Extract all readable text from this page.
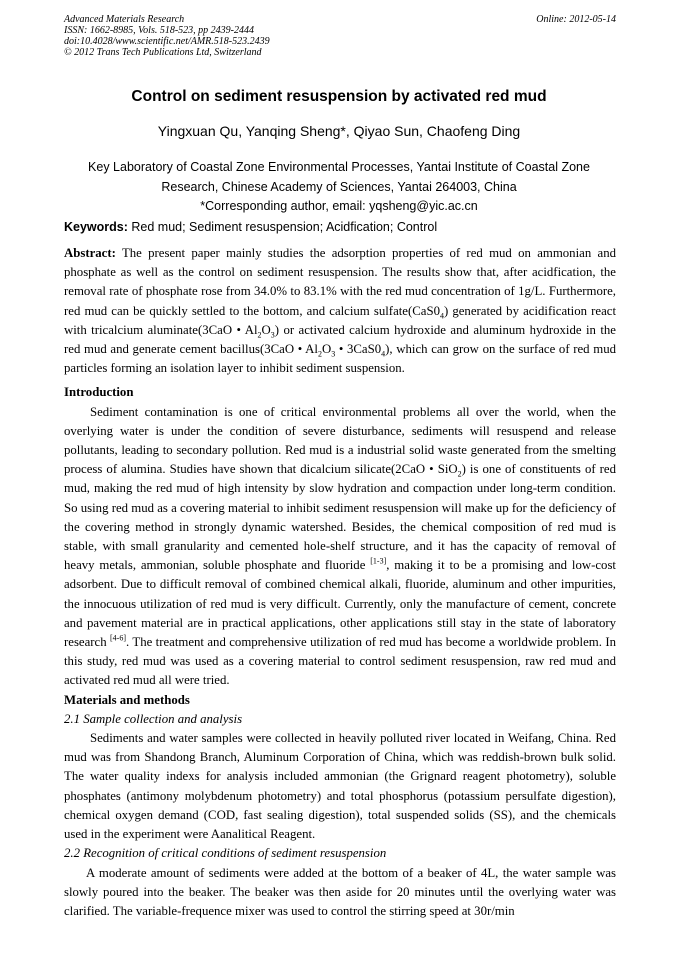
Advanced Materials Research
ISSN: 1662-8985, Vols. 518-523, pp 2439-2444
doi:10.4028/www.scientific.net/AMR.518-523.2439
© 2012 Trans Tech Publications Ltd, Switzerland
Online: 2012-05-14
Control on sediment resuspension by activated red mud
Yingxuan Qu, Yanqing Sheng*, Qiyao Sun, Chaofeng Ding
Key Laboratory of Coastal Zone Environmental Processes, Yantai Institute of Coastal Zone
Research, Chinese Academy of Sciences, Yantai 264003, China
*Corresponding author, email: yqsheng@yic.ac.cn
Keywords: Red mud; Sediment resuspension; Acidfication; Control

Abstract: The present paper mainly studies the adsorption properties of red mud on ammonian and phosphate as well as the control on sediment resuspension. The results show that, after acidfication, the removal rate of phosphate rose from 34.0% to 83.1% with the red mud concentration of 1g/L. Furthermore, red mud can be quickly settled to the bottom, and calcium $sulfate(CaS0_4)$ generated by acidification react with tricalcium aluminate(3CaO • $Al_2O_3$) or activated calcium hydroxide and aluminum hydroxide in the red mud and generate cement bacillus(3CaO • $Al_2O_3$ • $3CaS0_4$), which can grow on the surface of red mud particles forming an isolation layer to inhibit sediment suspension.

Introduction

Sediment contamination is one of critical environmental problems all over the world, when the overlying water is under the condition of severe disturbance, sediments will resuspend and release pollutants, leading to secondary pollution. Red mud is a industrial solid waste generated from the smelting process of alumina. Studies have shown that dicalcium silicate(2CaO • SiO$_2$) is one of constituents of red mud, making the red mud of high intensity by slow hydration and compaction under long-term condition. So using red mud as a covering material to inhibit sediment resuspension will make up for the deficiency of the covering method in strongly dynamic watershed. Besides, the chemical composition of red mud is stable, with small granularity and cemented hole-shelf structure, and it has the capacity of removal of heavy metals, ammonian, soluble phosphate and fluoride [1-3], making it to be a promising and low-cost adsorbent. Due to difficult removal of combined chemical alkali, fluoride, aluminum and other impurities, the innocuous utilization of red mud is very difficult. Currently, only the manufacture of cement, concrete and pavement material are in practical applications, other applications still stay in the state of laboratory research [4-6]. The treatment and comprehensive utilization of red mud has become a worldwide problem. In this study, red mud was used as a covering material to control sediment resuspension, raw red mud and activated red mud all were tried.

Materials and methods

2.1 Sample collection and analysis

Sediments and water samples were collected in heavily polluted river located in Weifang, China. Red mud was from Shandong Branch, Aluminum Corporation of China, which was reddish-brown bulk solid. The water quality indexs for analysis included ammonian (the Grignard reagent photometry), soluble phosphates (antimony molybdenum photometry) and total phosphorus (potassium persulfate digestion), chemical oxygen demand (COD, fast sealing digestion), total suspended solids (SS), and the chemicals used in the experiment were Aanalitical Reagent.

2.2 Recognition of critical conditions of sediment resuspension

A moderate amount of sediments were added at the bottom of a beaker of 4L, the water sample was slowly poured into the beaker. The beaker was then aside for 20 minutes until the overlying water was clarified. The variable-frequence mixer was used to control the stirring speed at 30r/min
